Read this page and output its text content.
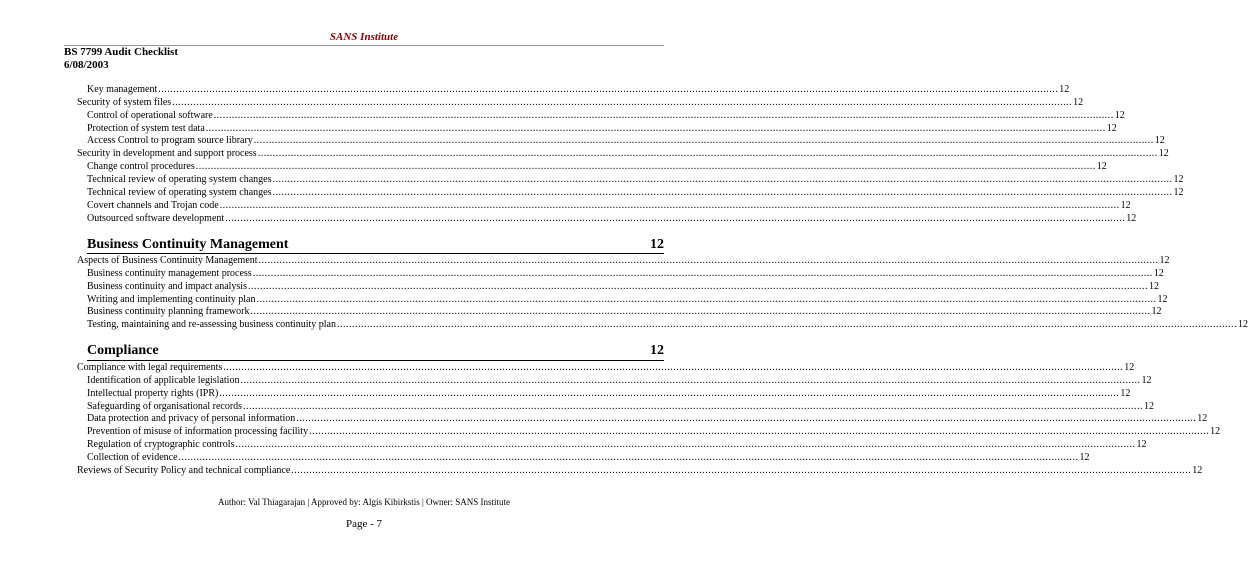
SANS Institute
BS 7799 Audit Checklist
6/08/2003
Key management ............................................................................................................................................................................................................................................................................................................ 12
Security of system files ............................................................................................................................................................................................................................................................................................................ 12
Control of operational software ............................................................................................................................................................................................................................................................................................................ 12
Protection of system test data ............................................................................................................................................................................................................................................................................................................ 12
Access Control to program source library ............................................................................................................................................................................................................................................................................................................ 12
Security in development and support process ............................................................................................................................................................................................................................................................................................................ 12
Change control procedures ............................................................................................................................................................................................................................................................................................................ 12
Technical review of operating system changes ............................................................................................................................................................................................................................................................................................................ 12
Technical review of operating system changes ............................................................................................................................................................................................................................................................................................................ 12
Covert channels and Trojan code ............................................................................................................................................................................................................................................................................................................ 12
Outsourced software development ............................................................................................................................................................................................................................................................................................................ 12
Business Continuity Management	12
Aspects of Business Continuity Management ............................................................................................................................................................................................................................................................................................................ 12
Business continuity management process ............................................................................................................................................................................................................................................................................................................ 12
Business continuity and impact analysis ............................................................................................................................................................................................................................................................................................................ 12
Writing and implementing continuity plan ............................................................................................................................................................................................................................................................................................................ 12
Business continuity planning framework ............................................................................................................................................................................................................................................................................................................ 12
Testing, maintaining and re-assessing business continuity plan ............................................................................................................................................................................................................................................................................................................ 12
Compliance	12
Compliance with legal requirements ............................................................................................................................................................................................................................................................................................................ 12
Identification of applicable legislation ............................................................................................................................................................................................................................................................................................................ 12
Intellectual property rights (IPR) ............................................................................................................................................................................................................................................................................................................ 12
Safeguarding of organisational records ............................................................................................................................................................................................................................................................................................................ 12
Data protection and privacy of personal information ............................................................................................................................................................................................................................................................................................................ 12
Prevention of misuse of information processing facility ............................................................................................................................................................................................................................................................................................................ 12
Regulation of cryptographic controls ............................................................................................................................................................................................................................................................................................................ 12
Collection of evidence ............................................................................................................................................................................................................................................................................................................ 12
Reviews of Security Policy and technical compliance ............................................................................................................................................................................................................................................................................................................ 12
Author: Val Thiagarajan | Approved by: Algis Kibirkstis | Owner: SANS Institute
Page - 7
